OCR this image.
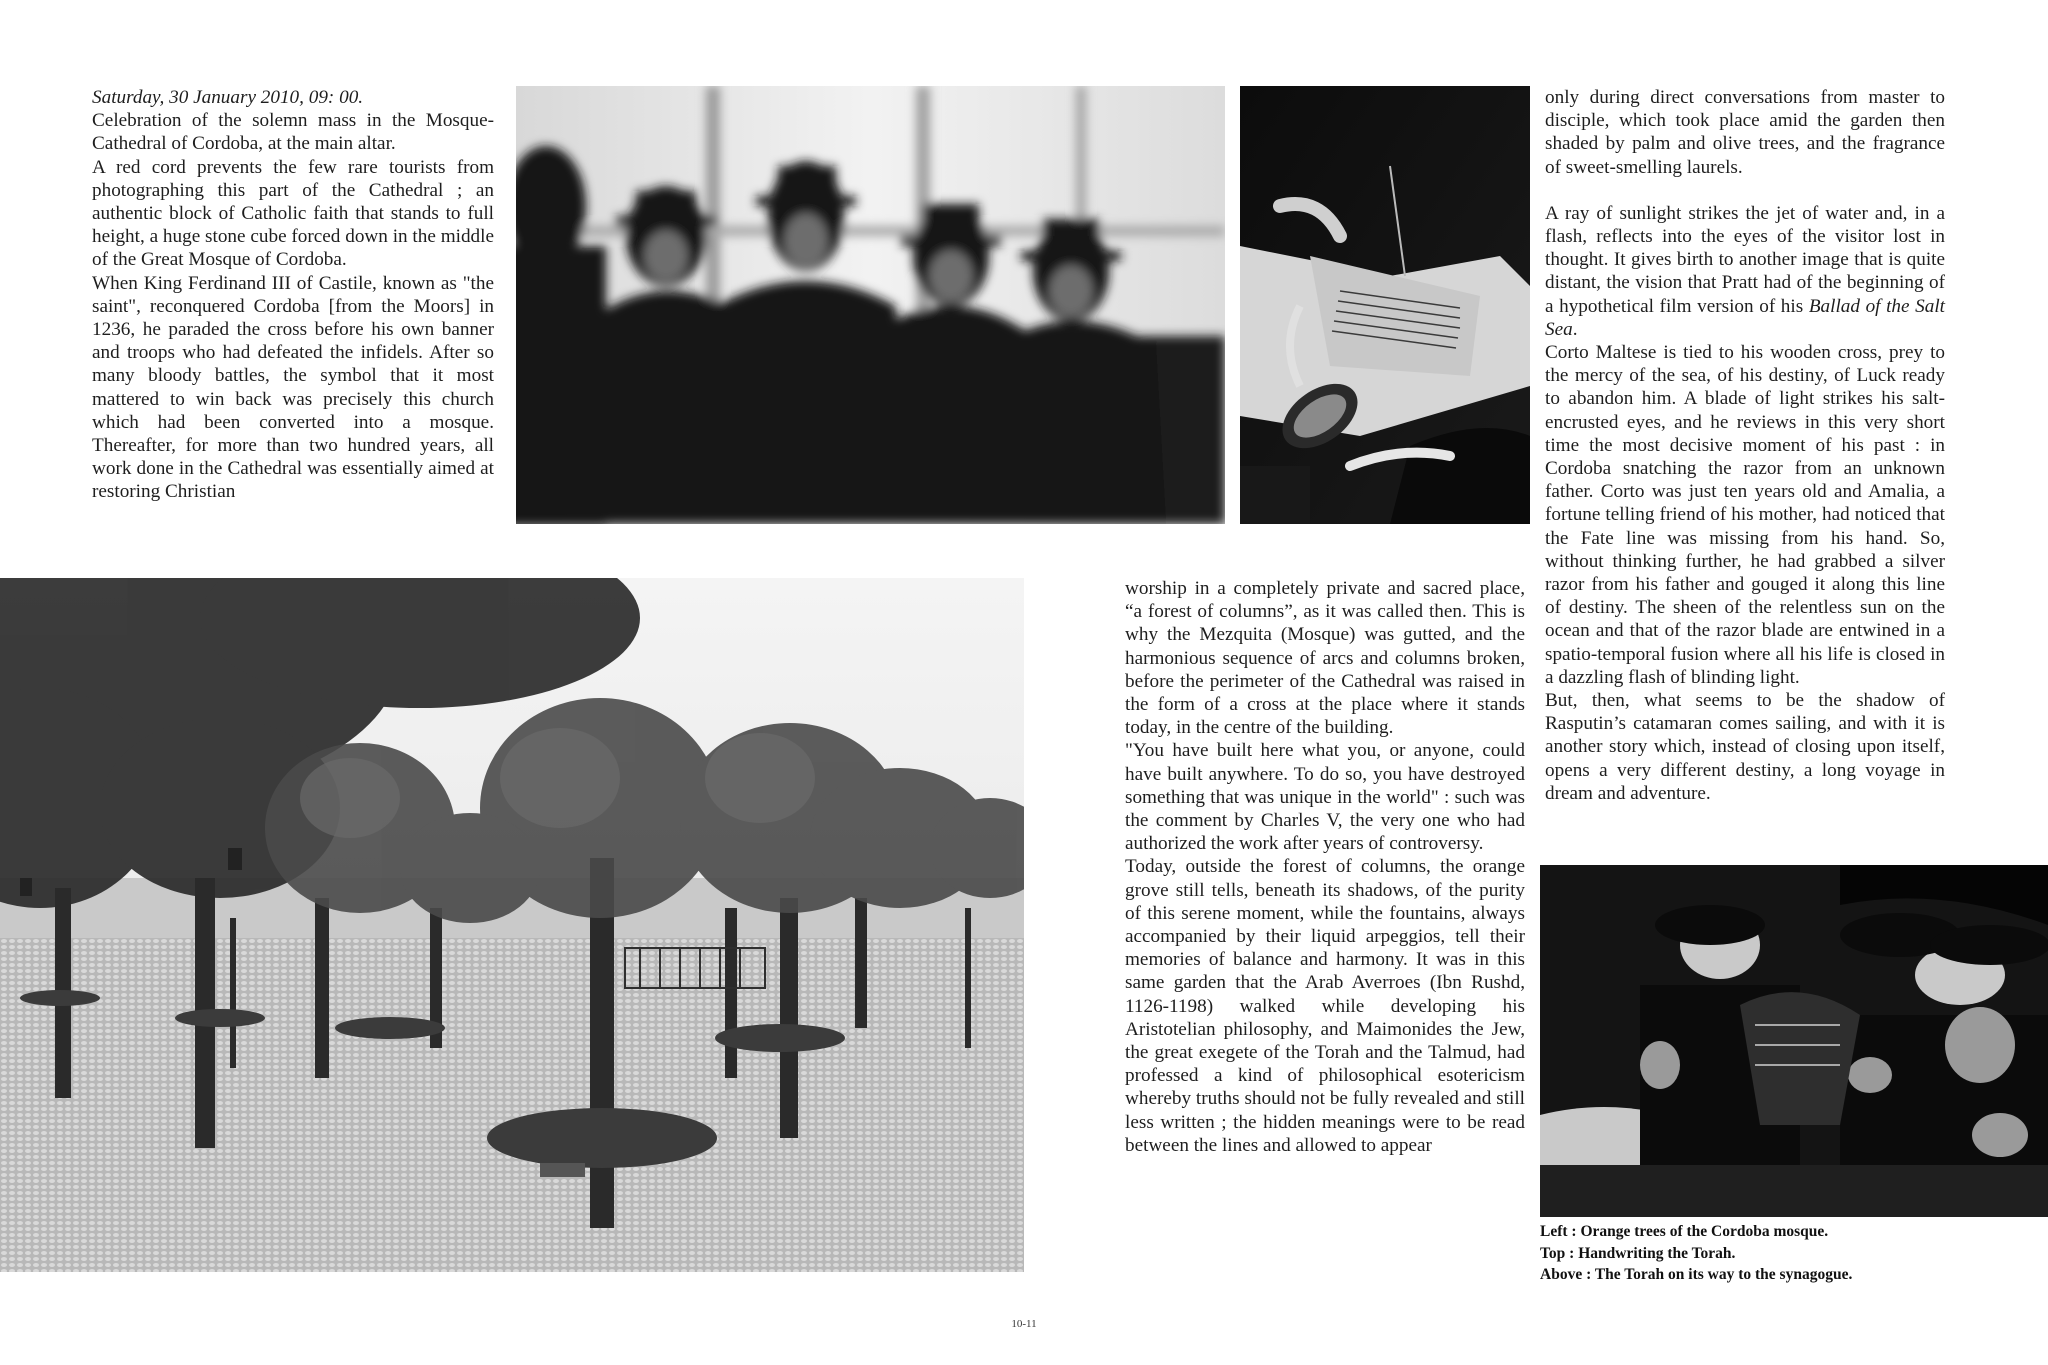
Saturday, 30 January 2010, 09: 00.

Celebration of the solemn mass in the Mosque-Cathedral of Cordoba, at the main altar.

A red cord prevents the few rare tourists from photographing this part of the Cathedral ; an authentic block of Catholic faith that stands to full height, a huge stone cube forced down in the middle of the Great Mosque of Cordoba.

When King Ferdinand III of Castile, known as "the saint", reconquered Cordoba [from the Moors] in 1236, he paraded the cross before his own banner and troops who had defeated the infidels. After so many bloody battles, the symbol that it most mattered to win back was precisely this church which had been converted into a mosque. Thereafter, for more than two hundred years, all work done in the Cathedral was essentially aimed at restoring Christian

only during direct conversations from master to disciple, which took place amid the garden then shaded by palm and olive trees, and the fragrance of sweet-smelling laurels.

A ray of sunlight strikes the jet of water and, in a flash, reflects into the eyes of the visitor lost in thought. It gives birth to another image that is quite distant, the vision that Pratt had of the beginning of a hypothetical film version of his Ballad of the Salt Sea.

Corto Maltese is tied to his wooden cross, prey to the mercy of the sea, of his destiny, of Luck ready to abandon him. A blade of light strikes his salt-encrusted eyes, and he reviews in this very short time the most decisive moment of his past : in Cordoba snatching the razor from an unknown father. Corto was just ten years old and Amalia, a fortune telling friend of his mother, had noticed that the Fate line was missing from his hand. So, without thinking further, he had grabbed a silver razor from his father and gouged it along this line of destiny. The sheen of the relentless sun on the ocean and that of the razor blade are entwined in a spatio-temporal fusion where all his life is closed in a dazzling flash of blinding light.

But, then, what seems to be the shadow of Rasputin’s catamaran comes sailing, and with it is another story which, instead of closing upon itself, opens a very different destiny, a long voyage in dream and adventure.

worship in a completely private and sacred place, “a forest of columns”, as it was called then. This is why the Mezquita (Mosque) was gutted, and the harmonious sequence of arcs and columns broken, before the perimeter of the Cathedral was raised in the form of a cross at the place where it stands today, in the centre of the building.

"You have built here what you, or anyone, could have built anywhere. To do so, you have destroyed something that was unique in the world" : such was the comment by Charles V, the very one who had authorized the work after years of controversy.

Today, outside the forest of columns, the orange grove still tells, beneath its shadows, of the purity of this serene moment, while the fountains, always accompanied by their liquid arpeggios, tell their memories of balance and harmony. It was in this same garden that the Arab Averroes (Ibn Rushd, 1126-1198) walked while developing his Aristotelian philosophy, and Maimonides the Jew, the great exegete of the Torah and the Talmud, had professed a kind of philosophical esotericism whereby truths should not be fully revealed and still less written ; the hidden meanings were to be read between the lines and allowed to appear

Left : Orange trees of the Cordoba mosque.
Top : Handwriting the Torah.
Above : The Torah on its way to the synagogue.
10-11
